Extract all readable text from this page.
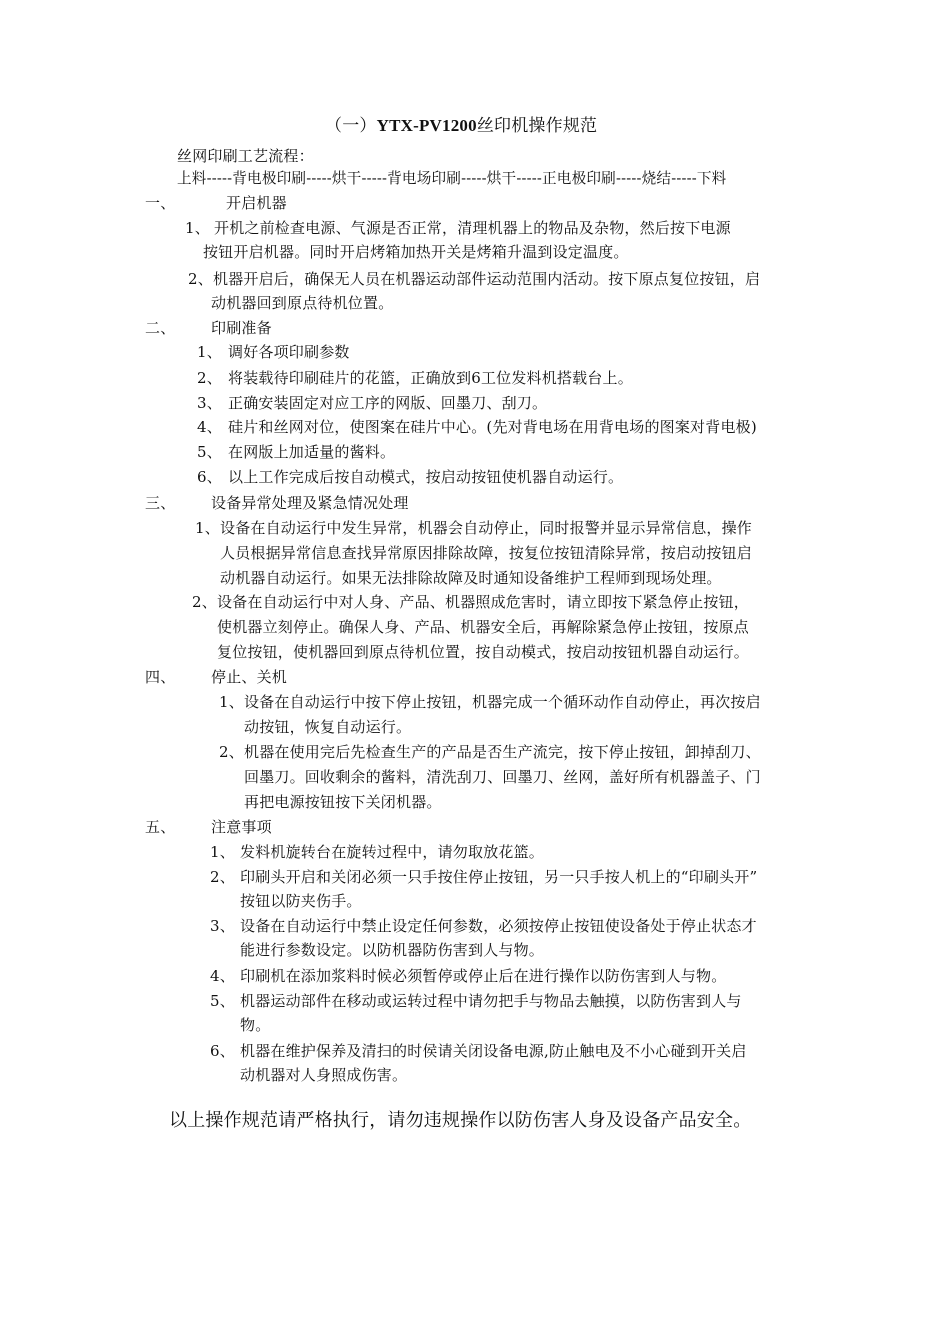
（一）YTX-PV1200丝印机操作规范
丝网印刷工艺流程：
上料-----背电极印刷-----烘干-----背电场印刷-----烘干-----正电极印刷-----烧结-----下料
一、	开启机器
1、 开机之前检查电源、气源是否正常，清理机器上的物品及杂物，然后按下电源
按钮开启机器。同时开启烤箱加热开关是烤箱升温到设定温度。
2、 机器开启后，确保无人员在机器运动部件运动范围内活动。按下原点复位按钮，启
动机器回到原点待机位置。
二、 印刷准备
1、 调好各项印刷参数
2、 将装载待印刷硅片的花篮，正确放到6工位发料机搭载台上。
3、 正确安装固定对应工序的网版、回墨刀、刮刀。
4、 硅片和丝网对位，使图案在硅片中心。(先对背电场在用背电场的图案对背电极)
5、 在网版上加适量的酱料。
6、 以上工作完成后按自动模式，按启动按钮使机器自动运行。
三、 设备异常处理及紧急情况处理
1、 设备在自动运行中发生异常，机器会自动停止，同时报警并显示异常信息，操作
人员根据异常信息查找异常原因排除故障，按复位按钮清除异常，按启动按钮启
动机器自动运行。如果无法排除故障及时通知设备维护工程师到现场处理。
2、 设备在自动运行中对人身、产品、机器照成危害时，请立即按下紧急停止按钮，
使机器立刻停止。确保人身、产品、机器安全后，再解除紧急停止按钮，按原点
复位按钮，使机器回到原点待机位置，按自动模式，按启动按钮机器自动运行。
四、 停止、关机
1、 设备在自动运行中按下停止按钮，机器完成一个循环动作自动停止，再次按启
动按钮，恢复自动运行。
2、 机器在使用完后先检查生产的产品是否生产流完，按下停止按钮，卸掉刮刀、
回墨刀。回收剩余的酱料，清洗刮刀、回墨刀、丝网，盖好所有机器盖子、门
再把电源按钮按下关闭机器。
五、 注意事项
1、 发料机旋转台在旋转过程中，请勿取放花篮。
2、 印刷头开启和关闭必须一只手按住停止按钮，另一只手按人机上的“印刷头开”
按钮以防夹伤手。
3、 设备在自动运行中禁止设定任何参数，必须按停止按钮使设备处于停止状态才
能进行参数设定。以防机器防伤害到人与物。
4、 印刷机在添加浆料时候必须暂停或停止后在进行操作以防伤害到人与物。
5、 机器运动部件在移动或运转过程中请勿把手与物品去触摸，以防伤害到人与
物。
6、 机器在维护保养及清扫的时侯请关闭设备电源,防止触电及不小心碰到开关启
动机器对人身照成伤害。
以上操作规范请严格执行，请勿违规操作以防伤害人身及设备产品安全。
